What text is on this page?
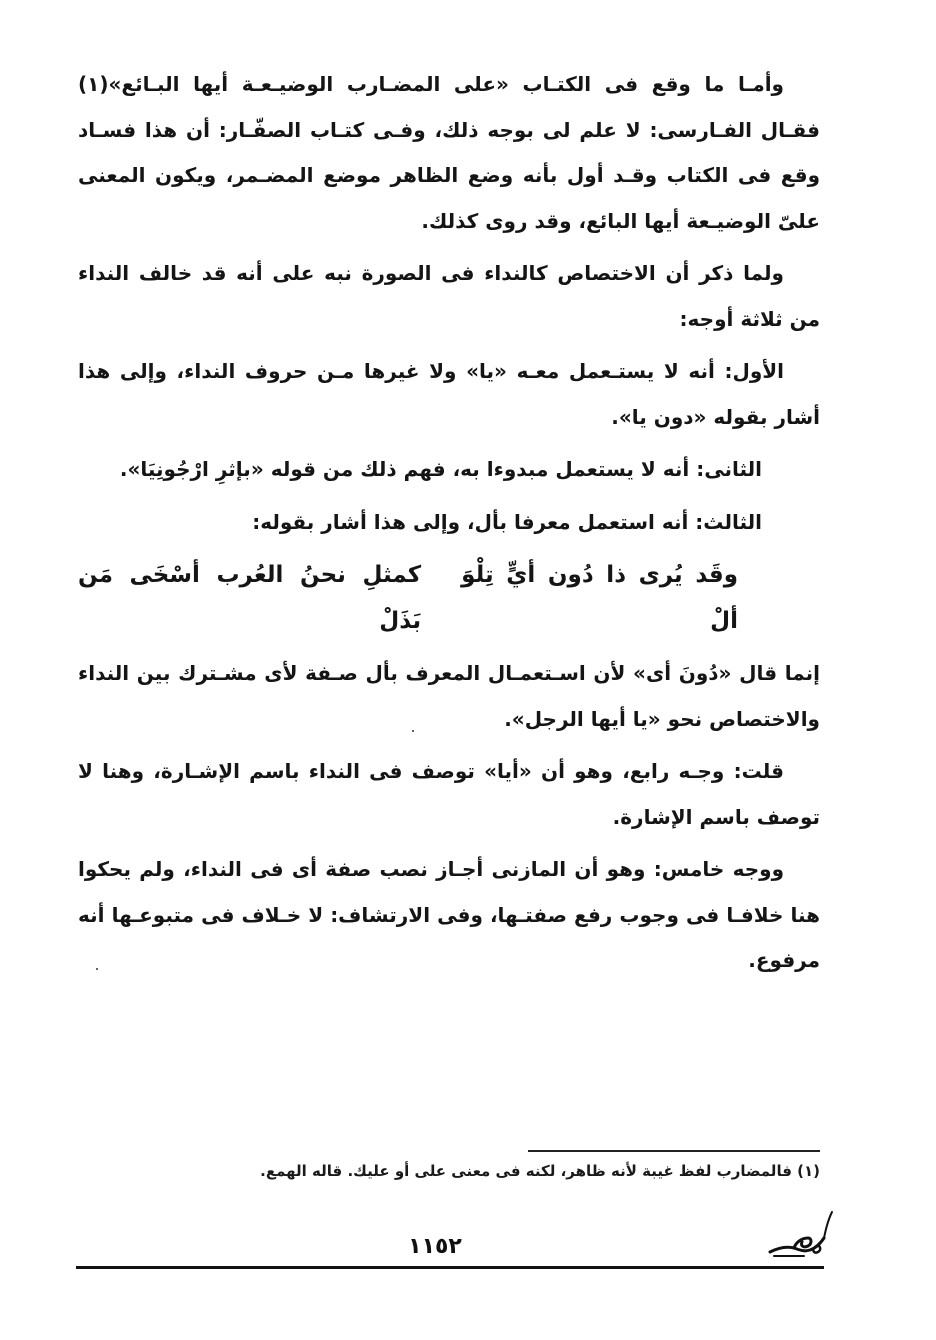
وأمـا ما وقع فى الكتـاب «على المضـارب الوضيـعـة أيها البـائع»(١) فقـال الفـارسى: لا علم لى بوجه ذلك، وفـى كتـاب الصفّـار: أن هذا فسـاد وقع فى الكتاب وقـد أول بأنه وضع الظاهر موضع المضـمر، ويكون المعنى علىّ الوضيـعة أيها البائع، وقد روى كذلك.

ولما ذكر أن الاختصاص كالنداء فى الصورة نبه على أنه قد خالف النداء من ثلاثة أوجه:

الأول: أنه لا يستـعمل معـه «يا» ولا غيرها مـن حروف النداء، وإلى هذا أشار بقوله «دون يا».

الثانى: أنه لا يستعمل مبدوءا به، فهم ذلك من قوله «بإثرِ ارْجُونِيَا».

الثالث: أنه استعمل معرفا بأل، وإلى هذا أشار بقوله:

وقَد يُرى ذا دُون أيٍّ تِلْوَ ألْ
كمثلِ نحنُ العُرب أسْخَى مَن بَذَلْ

إنما قال «دُونَ أى» لأن اسـتعمـال المعرف بأل صـفة لأى مشـترك بين النداء والاختصاص نحو «يا أيها الرجل».

قلت: وجـه رابع، وهو أن «أيا» توصف فى النداء باسم الإشـارة، وهنا لا توصف باسم الإشارة.

ووجه خامس: وهو أن المازنى أجـاز نصب صفة أى فى النداء، ولم يحكوا هنا خلافـا فى وجوب رفع صفتـها، وفى الارتشاف: لا خـلاف فى متبوعـها أنه مرفوع.

(١) فالمضارب لفظ غيبة لأنه ظاهر، لكنه فى معنى على أو عليك. قاله الهمع.
١١٥٢
